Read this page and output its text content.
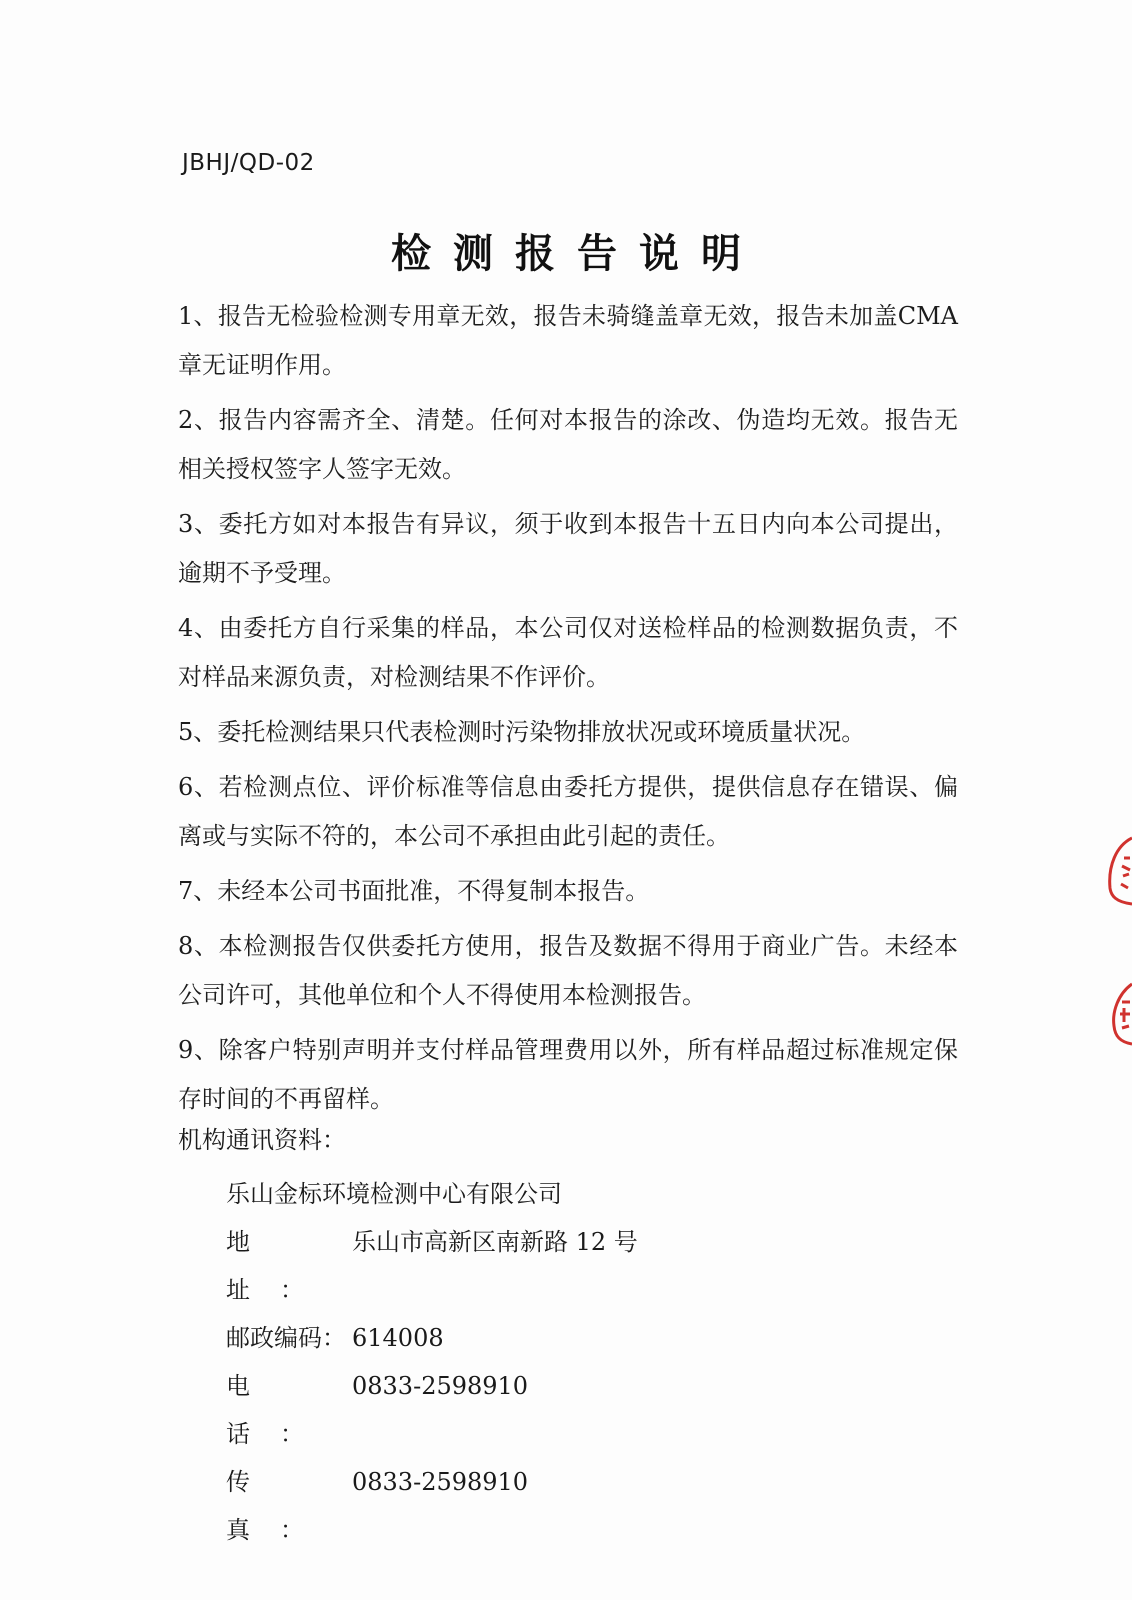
JBHJ/QD-02
检测报告说明
1、报告无检验检测专用章无效，报告未骑缝盖章无效，报告未加盖CMA 章无证明作用。
2、报告内容需齐全、清楚。任何对本报告的涂改、伪造均无效。报告无相关授权签字人签字无效。
3、委托方如对本报告有异议，须于收到本报告十五日内向本公司提出，逾期不予受理。
4、由委托方自行采集的样品，本公司仅对送检样品的检测数据负责，不对样品来源负责，对检测结果不作评价。
5、委托检测结果只代表检测时污染物排放状况或环境质量状况。
6、若检测点位、评价标准等信息由委托方提供，提供信息存在错误、偏离或与实际不符的，本公司不承担由此引起的责任。
7、未经本公司书面批准，不得复制本报告。
8、本检测报告仅供委托方使用，报告及数据不得用于商业广告。未经本公司许可，其他单位和个人不得使用本检测报告。
9、除客户特别声明并支付样品管理费用以外，所有样品超过标准规定保存时间的不再留样。
机构通讯资料：
乐山金标环境检测中心有限公司
地址：
乐山市高新区南新路 12 号
邮政编码： 614008
电话：
0833-2598910
传真：
0833-2598910
